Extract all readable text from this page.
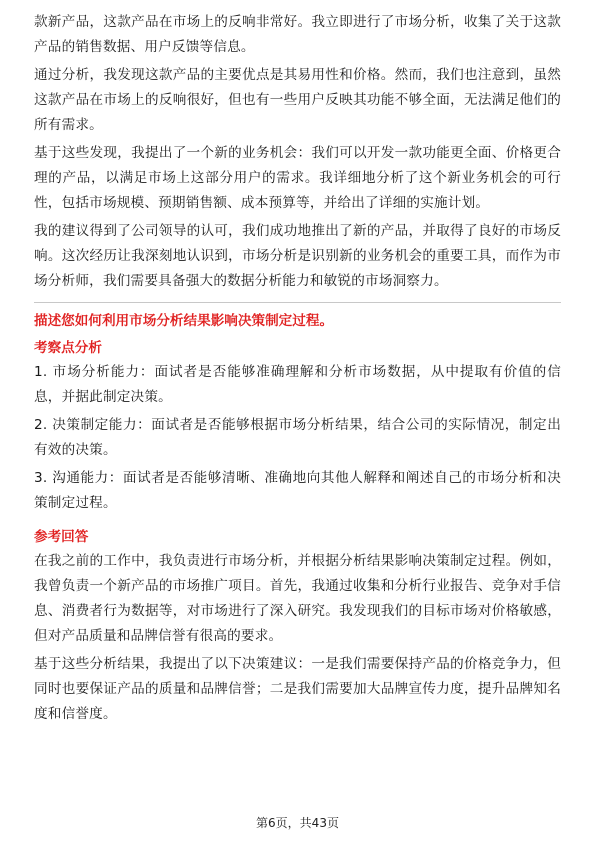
款新产品，这款产品在市场上的反响非常好。我立即进行了市场分析，收集了关于这款产品的销售数据、用户反馈等信息。

通过分析，我发现这款产品的主要优点是其易用性和价格。然而，我们也注意到，虽然这款产品在市场上的反响很好，但也有一些用户反映其功能不够全面，无法满足他们的所有需求。

基于这些发现，我提出了一个新的业务机会：我们可以开发一款功能更全面、价格更合理的产品，以满足市场上这部分用户的需求。我详细地分析了这个新业务机会的可行性，包括市场规模、预期销售额、成本预算等，并给出了详细的实施计划。

我的建议得到了公司领导的认可，我们成功地推出了新的产品，并取得了良好的市场反响。这次经历让我深刻地认识到，市场分析是识别新的业务机会的重要工具，而作为市场分析师，我们需要具备强大的数据分析能力和敏锐的市场洞察力。

描述您如何利用市场分析结果影响决策制定过程。
考察点分析

1. 市场分析能力：面试者是否能够准确理解和分析市场数据，从中提取有价值的信息，并据此制定决策。

2. 决策制定能力：面试者是否能够根据市场分析结果，结合公司的实际情况，制定出有效的决策。

3. 沟通能力：面试者是否能够清晰、准确地向其他人解释和阐述自己的市场分析和决策制定过程。

参考回答

在我之前的工作中，我负责进行市场分析，并根据分析结果影响决策制定过程。例如，我曾负责一个新产品的市场推广项目。首先，我通过收集和分析行业报告、竞争对手信息、消费者行为数据等，对市场进行了深入研究。我发现我们的目标市场对价格敏感，但对产品质量和品牌信誉有很高的要求。

基于这些分析结果，我提出了以下决策建议：一是我们需要保持产品的价格竞争力，但同时也要保证产品的质量和品牌信誉；二是我们需要加大品牌宣传力度，提升品牌知名度和信誉度。

第6页，共43页
